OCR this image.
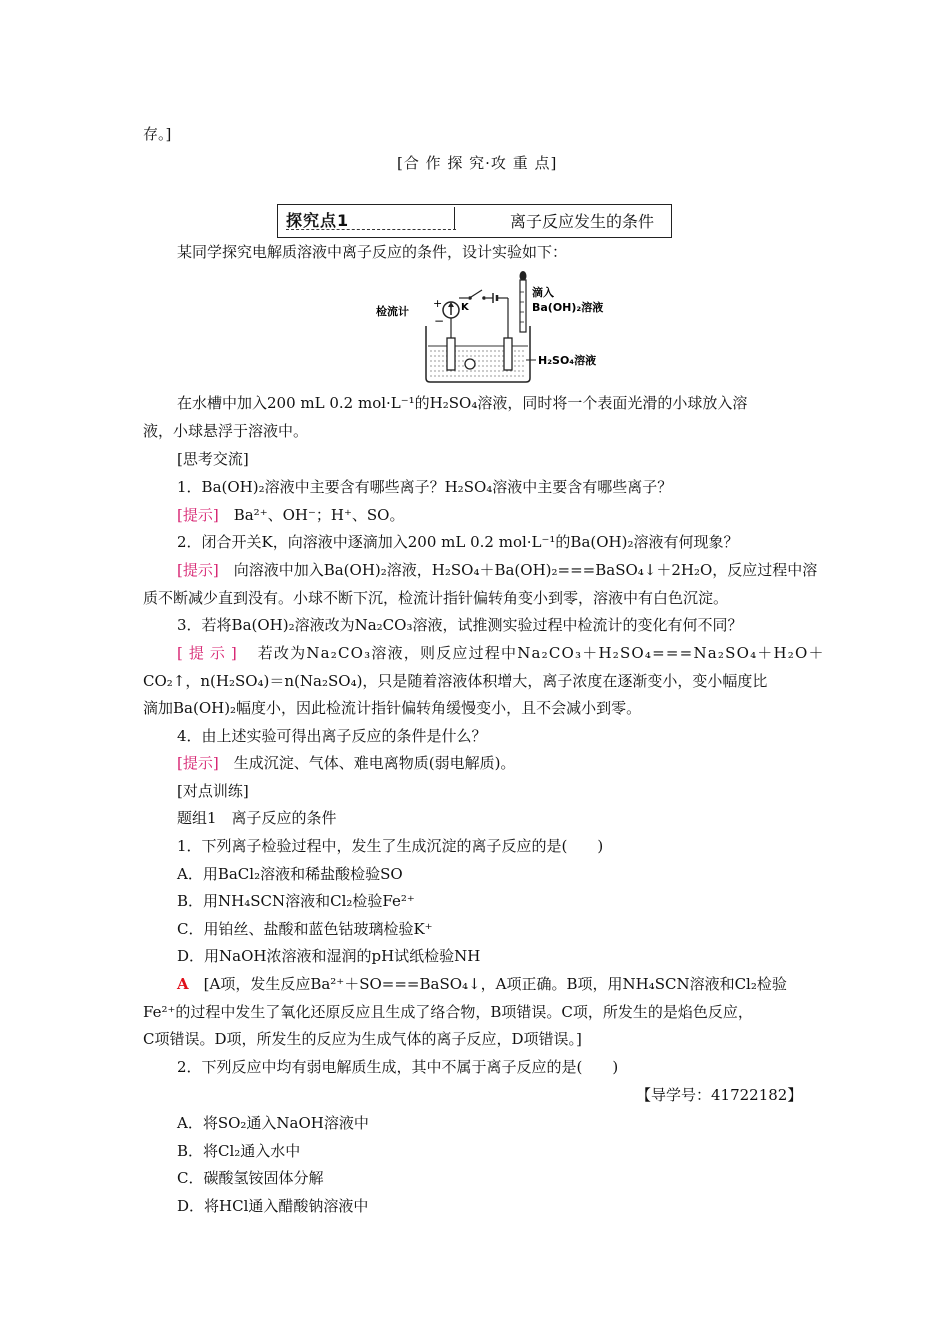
存。]
[合 作 探 究·攻 重 点]
探究点1	离子反应发生的条件
某同学探究电解质溶液中离子反应的条件，设计实验如下：
检流计
+
−
K
滴入
Ba(OH)₂溶液
H₂SO₄溶液
在水槽中加入200 mL 0.2 mol·L⁻¹的H₂SO₄溶液，同时将一个表面光滑的小球放入溶
液，小球悬浮于溶液中。
[思考交流]
1．Ba(OH)₂溶液中主要含有哪些离子？H₂SO₄溶液中主要含有哪些离子？
[提示]  Ba²⁺、OH⁻；H⁺、SO。
2．闭合开关K，向溶液中逐滴加入200 mL 0.2 mol·L⁻¹的Ba(OH)₂溶液有何现象？
[提示]  向溶液中加入Ba(OH)₂溶液，H₂SO₄＋Ba(OH)₂===BaSO₄↓＋2H₂O，反应过程中溶
质不断减少直到没有。小球不断下沉，检流计指针偏转角变小到零，溶液中有白色沉淀。
3．若将Ba(OH)₂溶液改为Na₂CO₃溶液，试推测实验过程中检流计的变化有何不同？
[提示]  若改为Na₂CO₃溶液，则反应过程中Na₂CO₃＋H₂SO₄===Na₂SO₄＋H₂O＋
CO₂↑，n(H₂SO₄)＝n(Na₂SO₄)，只是随着溶液体积增大，离子浓度在逐渐变小，变小幅度比
滴加Ba(OH)₂幅度小，因此检流计指针偏转角缓慢变小，且不会减小到零。
4．由上述实验可得出离子反应的条件是什么？
[提示]  生成沉淀、气体、难电离物质(弱电解质)。
[对点训练]
题组1　离子反应的条件
1．下列离子检验过程中，发生了生成沉淀的离子反应的是(　　)
A．用BaCl₂溶液和稀盐酸检验SO
B．用NH₄SCN溶液和Cl₂检验Fe²⁺
C．用铂丝、盐酸和蓝色钴玻璃检验K⁺
D．用NaOH浓溶液和湿润的pH试纸检验NH
A  [A项，发生反应Ba²⁺＋SO===BaSO₄↓，A项正确。B项，用NH₄SCN溶液和Cl₂检验
Fe²⁺的过程中发生了氧化还原反应且生成了络合物，B项错误。C项，所发生的是焰色反应，
C项错误。D项，所发生的反应为生成气体的离子反应，D项错误。]
2．下列反应中均有弱电解质生成，其中不属于离子反应的是(　　)
【导学号：41722182】
A．将SO₂通入NaOH溶液中
B．将Cl₂通入水中
C．碳酸氢铵固体分解
D．将HCl通入醋酸钠溶液中
